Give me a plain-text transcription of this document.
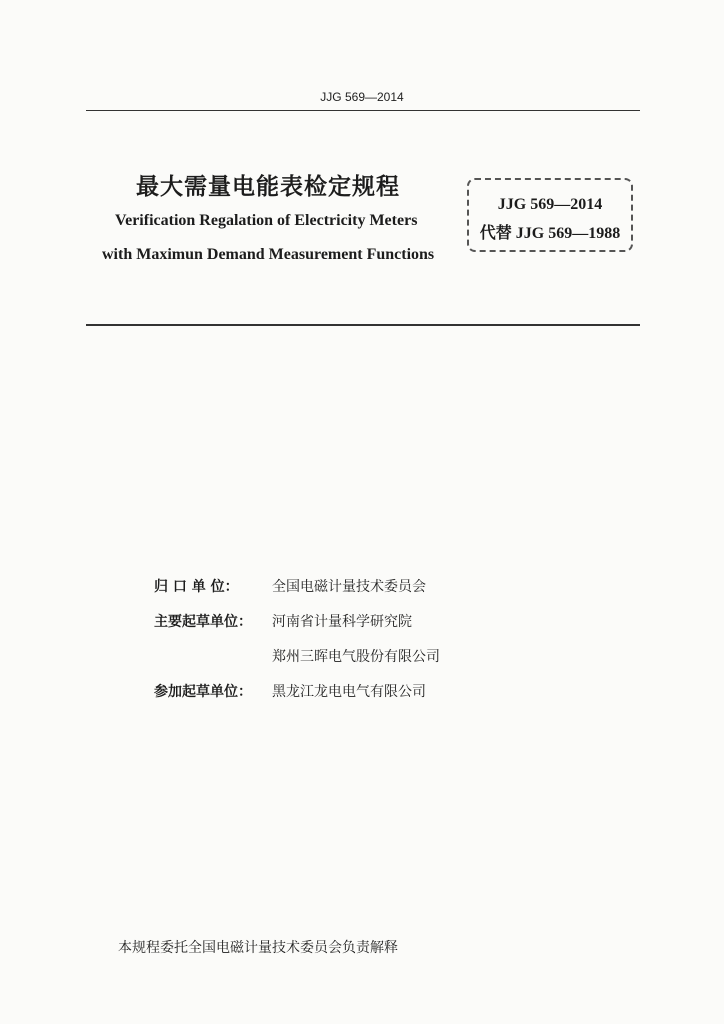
JJG 569—2014
最大需量电能表检定规程
Verification Regalation of Electricity Meters
with Maximun Demand Measurement Functions
JJG 569—2014
代替 JJG 569—1988
归 口 单 位：	全国电磁计量技术委员会
主要起草单位：	河南省计量科学研究院
郑州三晖电气股份有限公司
参加起草单位：	黑龙江龙电电气有限公司
本规程委托全国电磁计量技术委员会负责解释
